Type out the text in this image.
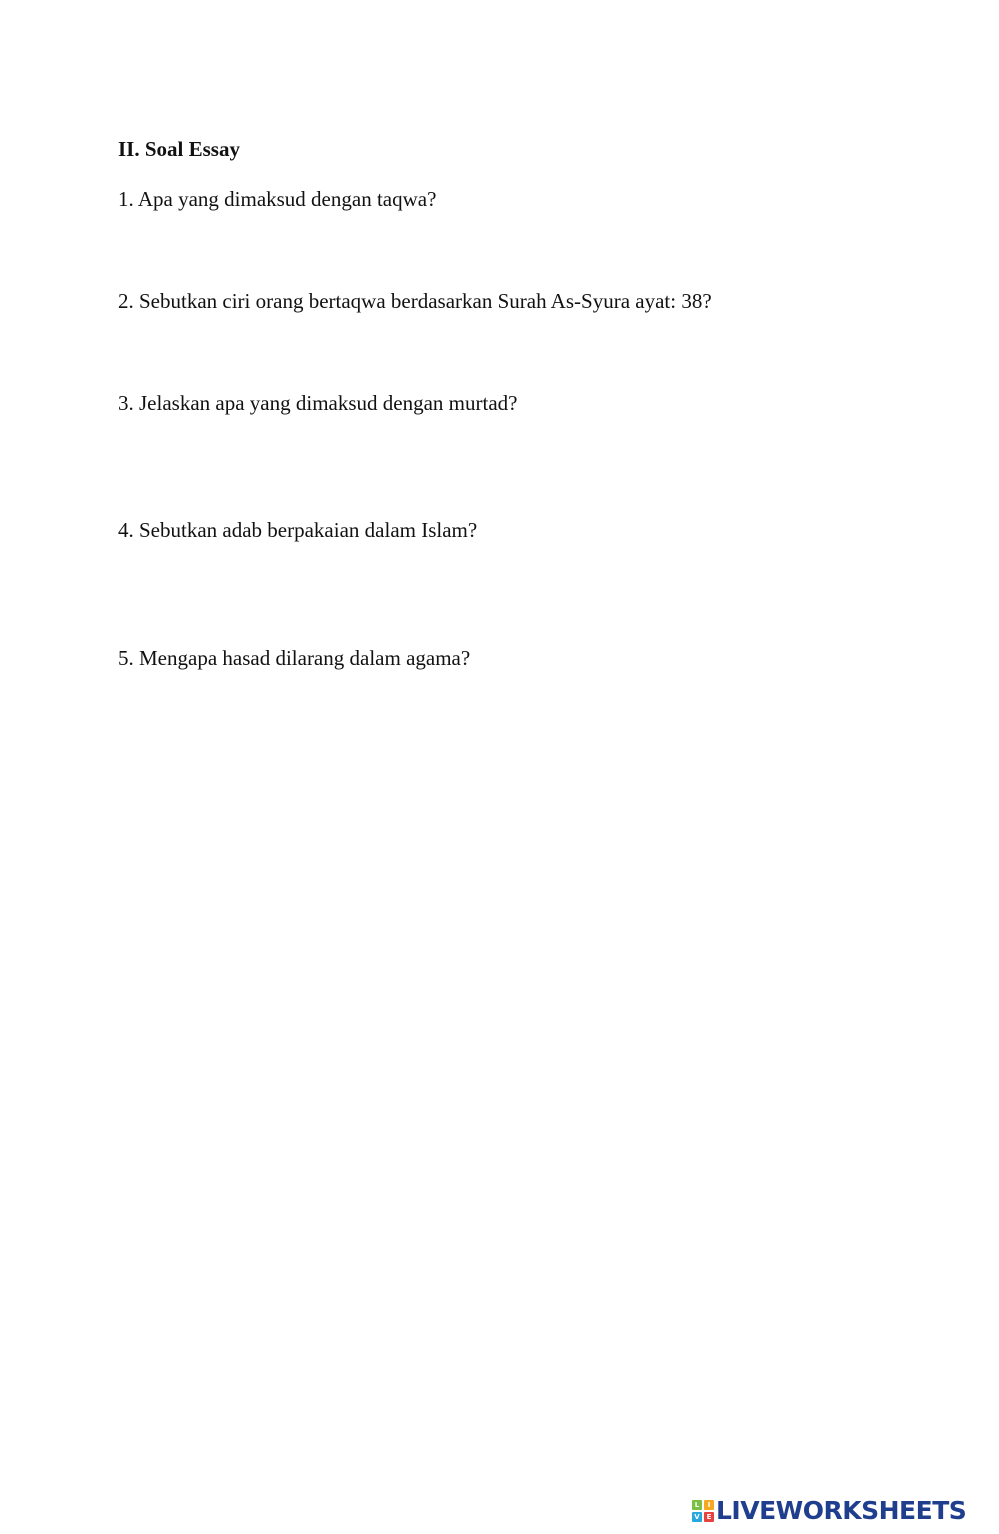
II. Soal Essay
1. Apa yang dimaksud dengan taqwa?
2. Sebutkan ciri orang bertaqwa berdasarkan Surah As-Syura ayat: 38?
3. Jelaskan apa yang dimaksud dengan murtad?
4. Sebutkan adab berpakaian dalam Islam?
5. Mengapa hasad dilarang dalam agama?
L	I
V E LIVEWORKSHEETS
